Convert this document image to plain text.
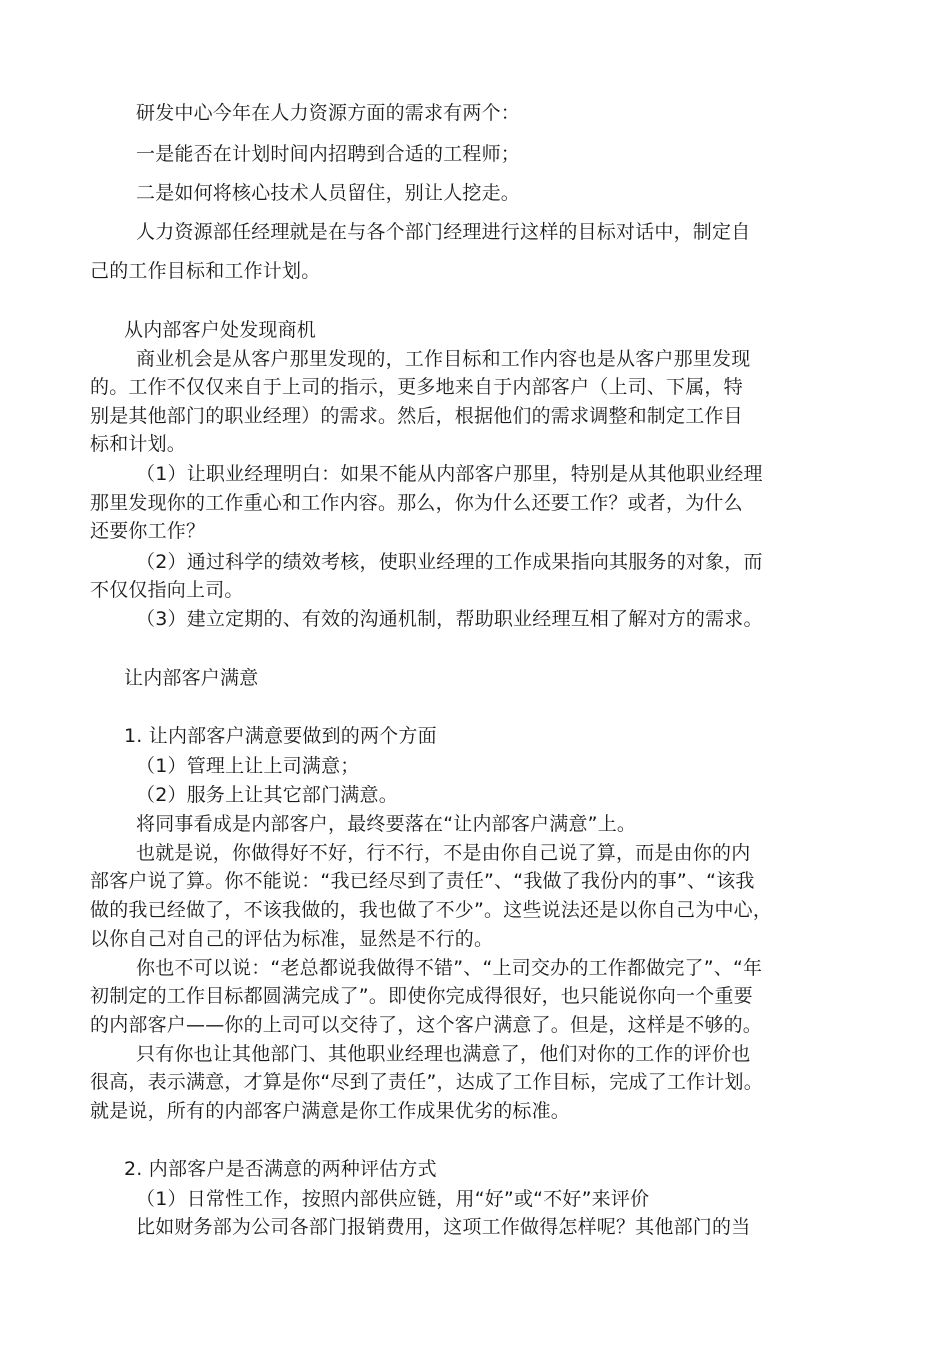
研发中心今年在人力资源方面的需求有两个：
一是能否在计划时间内招聘到合适的工程师；
二是如何将核心技术人员留住，别让人挖走。
人力资源部任经理就是在与各个部门经理进行这样的目标对话中，制定自
己的工作目标和工作计划。
从内部客户处发现商机
商业机会是从客户那里发现的，工作目标和工作内容也是从客户那里发现
的。工作不仅仅来自于上司的指示，更多地来自于内部客户（上司、下属，特
别是其他部门的职业经理）的需求。然后，根据他们的需求调整和制定工作目
标和计划。
（1）让职业经理明白：如果不能从内部客户那里，特别是从其他职业经理
那里发现你的工作重心和工作内容。那么，你为什么还要工作？或者，为什么
还要你工作？
（2）通过科学的绩效考核，使职业经理的工作成果指向其服务的对象，而
不仅仅指向上司。
（3）建立定期的、有效的沟通机制，帮助职业经理互相了解对方的需求。
让内部客户满意
1. 让内部客户满意要做到的两个方面
（1）管理上让上司满意；
（2）服务上让其它部门满意。
将同事看成是内部客户，最终要落在“让内部客户满意”上。
也就是说，你做得好不好，行不行，不是由你自己说了算，而是由你的内
部客户说了算。你不能说：“我已经尽到了责任”、“我做了我份内的事”、“该我
做的我已经做了，不该我做的，我也做了不少”。这些说法还是以你自己为中心，
以你自己对自己的评估为标准，显然是不行的。
你也不可以说：“老总都说我做得不错”、“上司交办的工作都做完了”、“年
初制定的工作目标都圆满完成了”。即使你完成得很好，也只能说你向一个重要
的内部客户——你的上司可以交待了，这个客户满意了。但是，这样是不够的。
只有你也让其他部门、其他职业经理也满意了，他们对你的工作的评价也
很高，表示满意，才算是你“尽到了责任”，达成了工作目标，完成了工作计划。
就是说，所有的内部客户满意是你工作成果优劣的标准。
2. 内部客户是否满意的两种评估方式
（1）日常性工作，按照内部供应链，用“好”或“不好”来评价
比如财务部为公司各部门报销费用，这项工作做得怎样呢？其他部门的当
